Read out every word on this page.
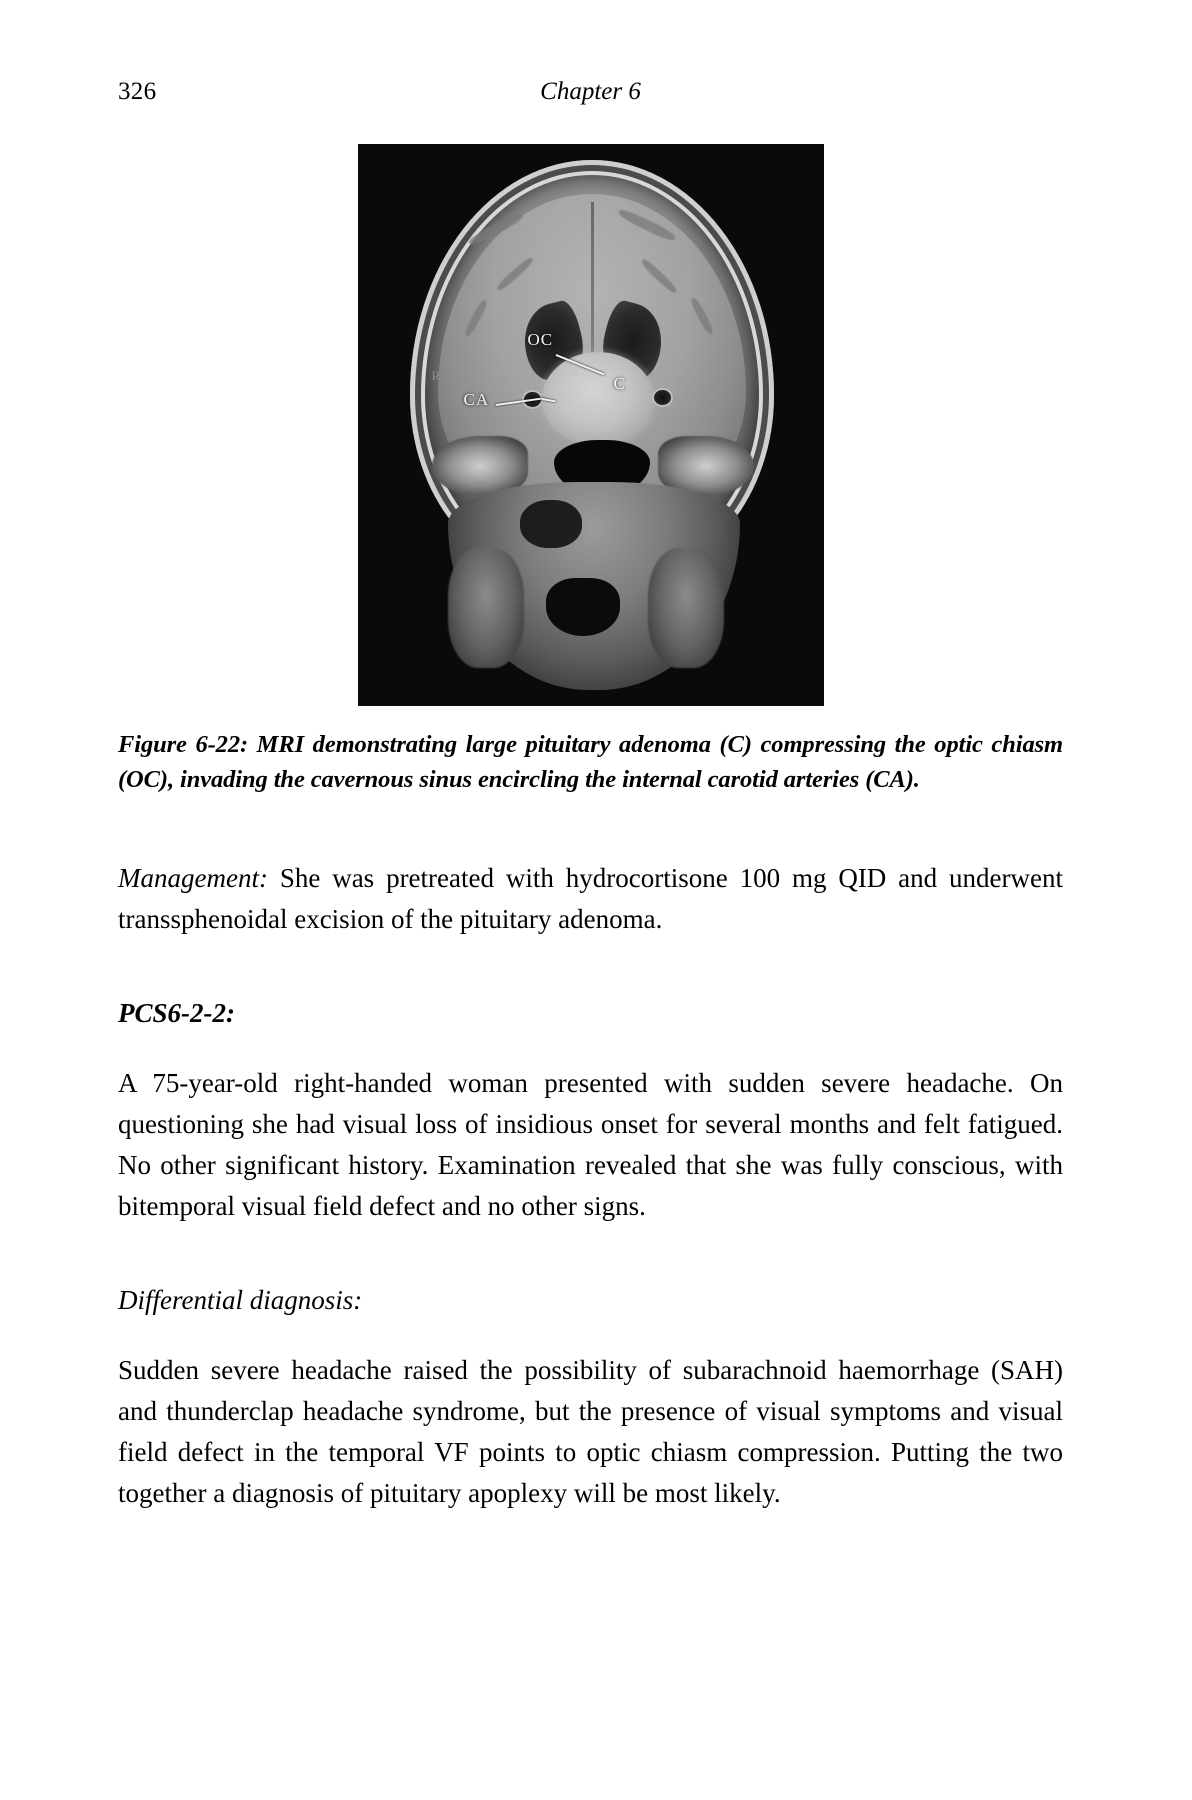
326	Chapter 6
R
OC
C
CA
Figure 6-22: MRI demonstrating large pituitary adenoma (C) compressing the optic chiasm (OC), invading the cavernous sinus encircling the internal carotid arteries (CA).

Management: She was pretreated with hydrocortisone 100 mg QID and underwent transsphenoidal excision of the pituitary adenoma.

PCS6-2-2:

A 75-year-old right-handed woman presented with sudden severe headache. On questioning she had visual loss of insidious onset for several months and felt fatigued. No other significant history. Examination revealed that she was fully conscious, with bitemporal visual field defect and no other signs.

Differential diagnosis:

Sudden severe headache raised the possibility of subarachnoid haemorrhage (SAH) and thunderclap headache syndrome, but the presence of visual symptoms and visual field defect in the temporal VF points to optic chiasm compression. Putting the two together a diagnosis of pituitary apoplexy will be most likely.
